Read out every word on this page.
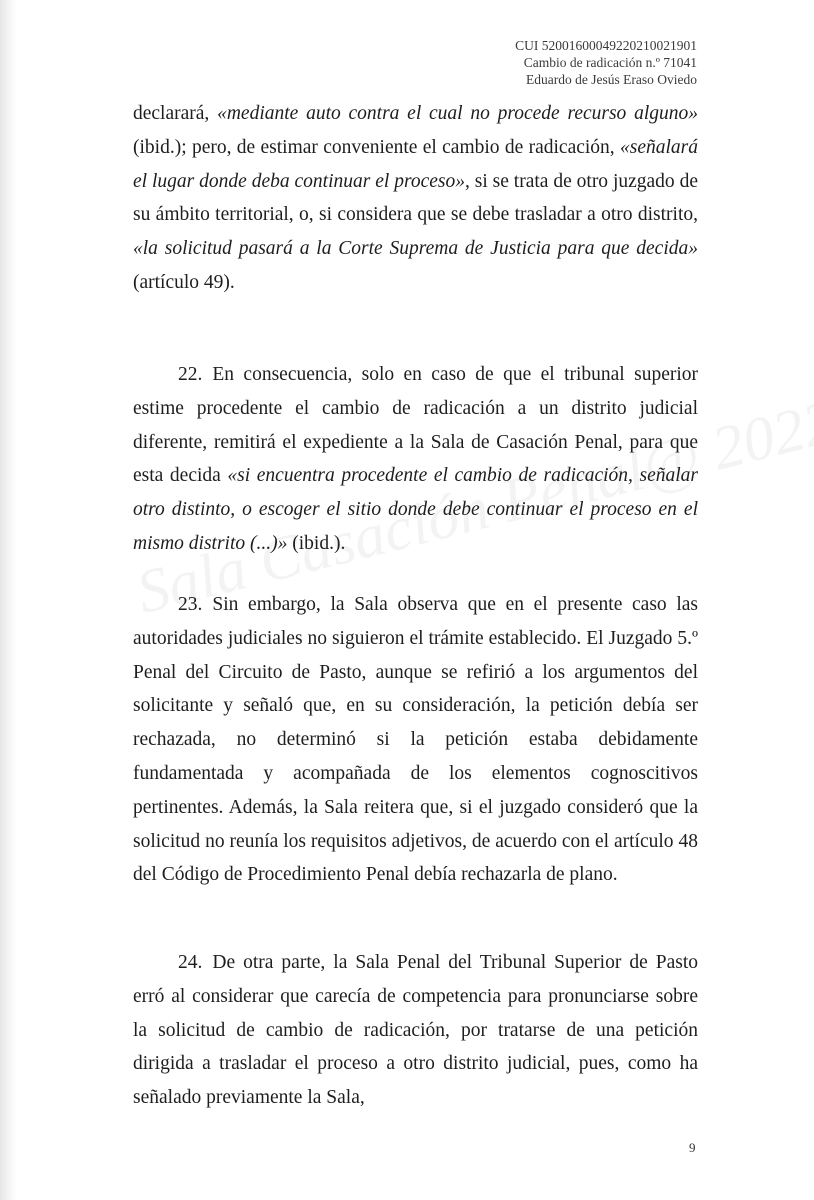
CUI 52001600049220210021901
Cambio de radicación n.º 71041
Eduardo de Jesús Eraso Oviedo

declarará, «mediante auto contra el cual no procede recurso alguno» (ibid.); pero, de estimar conveniente el cambio de radicación, «señalará el lugar donde deba continuar el proceso», si se trata de otro juzgado de su ámbito territorial, o, si considera que se debe trasladar a otro distrito, «la solicitud pasará a la Corte Suprema de Justicia para que decida» (artículo 49).

22. En consecuencia, solo en caso de que el tribunal superior estime procedente el cambio de radicación a un distrito judicial diferente, remitirá el expediente a la Sala de Casación Penal, para que esta decida «si encuentra procedente el cambio de radicación, señalar otro distinto, o escoger el sitio donde debe continuar el proceso en el mismo distrito (...)» (ibid.).

23. Sin embargo, la Sala observa que en el presente caso las autoridades judiciales no siguieron el trámite establecido. El Juzgado 5.º Penal del Circuito de Pasto, aunque se refirió a los argumentos del solicitante y señaló que, en su consideración, la petición debía ser rechazada, no determinó si la petición estaba debidamente fundamentada y acompañada de los elementos cognoscitivos pertinentes. Además, la Sala reitera que, si el juzgado consideró que la solicitud no reunía los requisitos adjetivos, de acuerdo con el artículo 48 del Código de Procedimiento Penal debía rechazarla de plano.

24. De otra parte, la Sala Penal del Tribunal Superior de Pasto erró al considerar que carecía de competencia para pronunciarse sobre la solicitud de cambio de radicación, por tratarse de una petición dirigida a trasladar el proceso a otro distrito judicial, pues, como ha señalado previamente la Sala,

9
